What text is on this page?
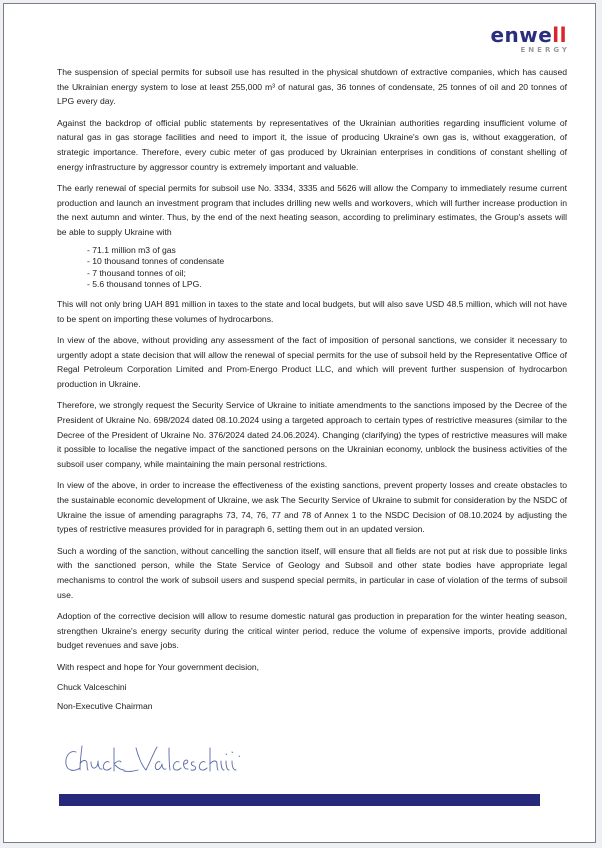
enwell
ENERGY

The suspension of special permits for subsoil use has resulted in the physical shutdown of extractive companies, which has caused the Ukrainian energy system to lose at least 255,000 m³ of natural gas, 36 tonnes of condensate, 25 tonnes of oil and 20 tonnes of LPG every day.

Against the backdrop of official public statements by representatives of the Ukrainian authorities regarding insufficient volume of natural gas in gas storage facilities and need to import it, the issue of producing Ukraine's own gas is, without exaggeration, of strategic importance. Therefore, every cubic meter of gas produced by Ukrainian enterprises in conditions of constant shelling of energy infrastructure by aggressor country is extremely important and valuable.

The early renewal of special permits for subsoil use No. 3334, 3335 and 5626 will allow the Company to immediately resume current production and launch an investment program that includes drilling new wells and workovers, which will further increase production in the next autumn and winter. Thus, by the end of the next heating season, according to preliminary estimates, the Group's assets will be able to supply Ukraine with

- 71.1 million m3 of gas
- 10 thousand tonnes of condensate
- 7 thousand tonnes of oil;
- 5.6 thousand tonnes of LPG.

This will not only bring UAH 891 million in taxes to the state and local budgets, but will also save USD 48.5 million, which will not have to be spent on importing these volumes of hydrocarbons.

In view of the above, without providing any assessment of the fact of imposition of personal sanctions, we consider it necessary to urgently adopt a state decision that will allow the renewal of special permits for the use of subsoil held by the Representative Office of Regal Petroleum Corporation Limited and Prom-Energo Product LLC, and which will prevent further suspension of hydrocarbon production in Ukraine.

Therefore, we strongly request the Security Service of Ukraine to initiate amendments to the sanctions imposed by the Decree of the President of Ukraine No. 698/2024 dated 08.10.2024 using a targeted approach to certain types of restrictive measures (similar to the Decree of the President of Ukraine No. 376/2024 dated 24.06.2024). Changing (clarifying) the types of restrictive measures will make it possible to localise the negative impact of the sanctioned persons on the Ukrainian economy, unblock the business activities of the subsoil user company, while maintaining the main personal restrictions.

In view of the above, in order to increase the effectiveness of the existing sanctions, prevent property losses and create obstacles to the sustainable economic development of Ukraine, we ask The Security Service of Ukraine to submit for consideration by the NSDC of Ukraine the issue of amending paragraphs 73, 74, 76, 77 and 78 of Annex 1 to the NSDC Decision of 08.10.2024 by adjusting the types of restrictive measures provided for in paragraph 6, setting them out in an updated version.

Such a wording of the sanction, without cancelling the sanction itself, will ensure that all fields are not put at risk due to possible links with the sanctioned person, while the State Service of Geology and Subsoil and other state bodies have appropriate legal mechanisms to control the work of subsoil users and suspend special permits, in particular in case of violation of the terms of subsoil use.

Adoption of the corrective decision will allow to resume domestic natural gas production in preparation for the winter heating season, strengthen Ukraine's energy security during the critical winter period, reduce the volume of expensive imports, provide additional budget revenues and save jobs.

With respect and hope for Your government decision,

Chuck Valceschini

Non-Executive Chairman
